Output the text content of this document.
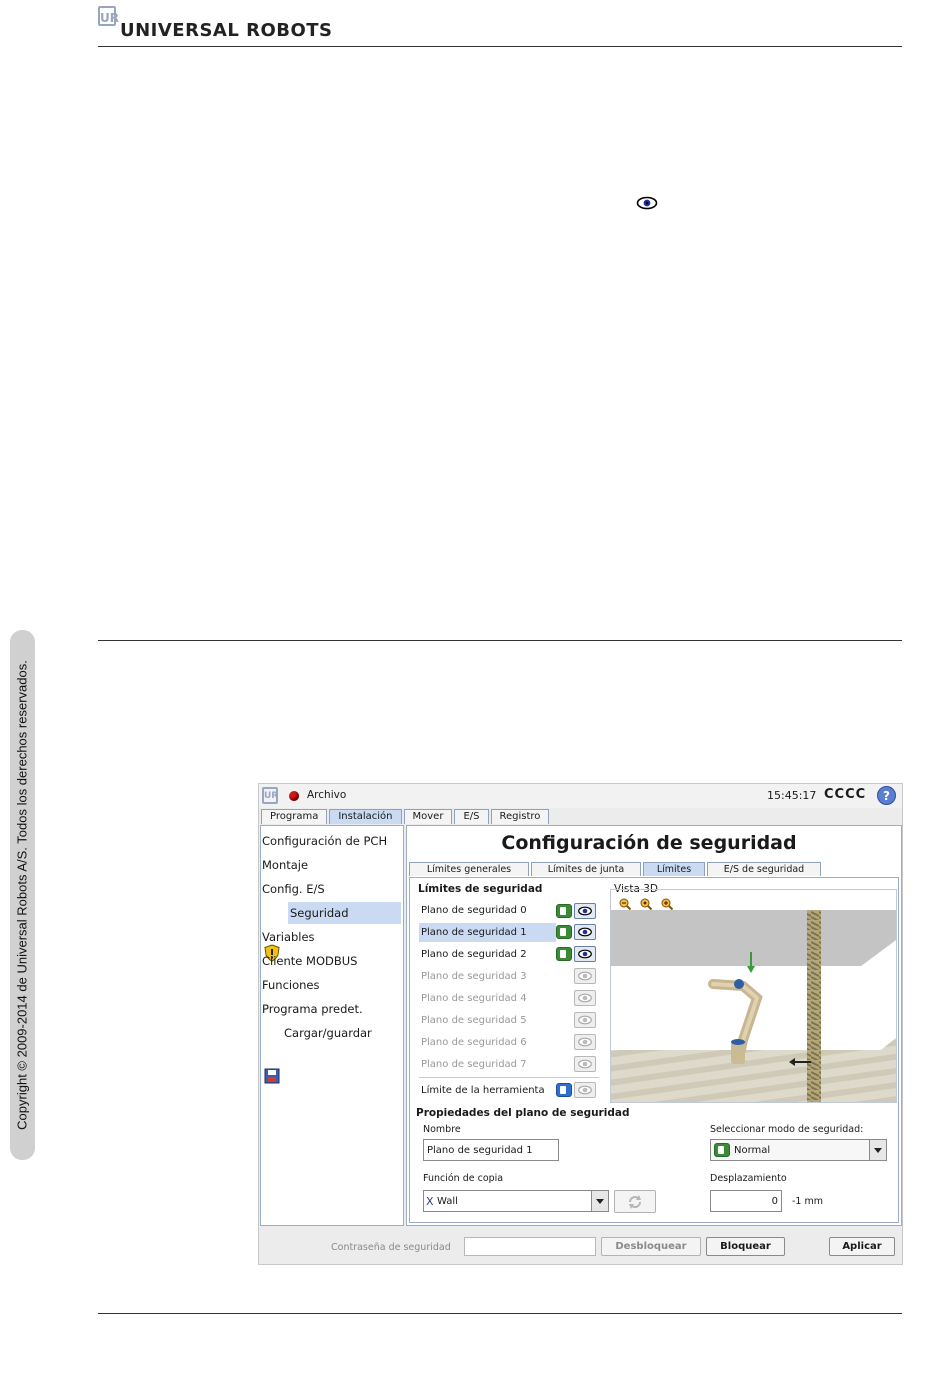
UR
UNIVERSAL ROBOTS
Copyright © 2009-2014 de Universal Robots A/S. Todos los derechos reservados.	UR	Archivo	15:45:17 CCCC	?
Programa	Instalación	Mover	E/S	Registro
Configuración de PCH
Montaje
Config. E/S
Seguridad
Variables
Cliente MODBUS
Funciones
Programa predet.
Cargar/guardar
Configuración de seguridad
Límites generales	Límites de junta	Límites	E/S de seguridad
Límites de seguridad
Plano de seguridad 0
Plano de seguridad 1
Plano de seguridad 2
Plano de seguridad 3
Plano de seguridad 4
Plano de seguridad 5
Plano de seguridad 6
Plano de seguridad 7
Límite de la herramienta
Vista 3D
Propiedades del plano de seguridad
Nombre
Plano de seguridad 1
Seleccionar modo de seguridad:
Normal
Función de copia
X Wall
Desplazamiento
0	-1 mm
Contraseña de seguridad	Desbloquear	Bloquear	Aplicar
